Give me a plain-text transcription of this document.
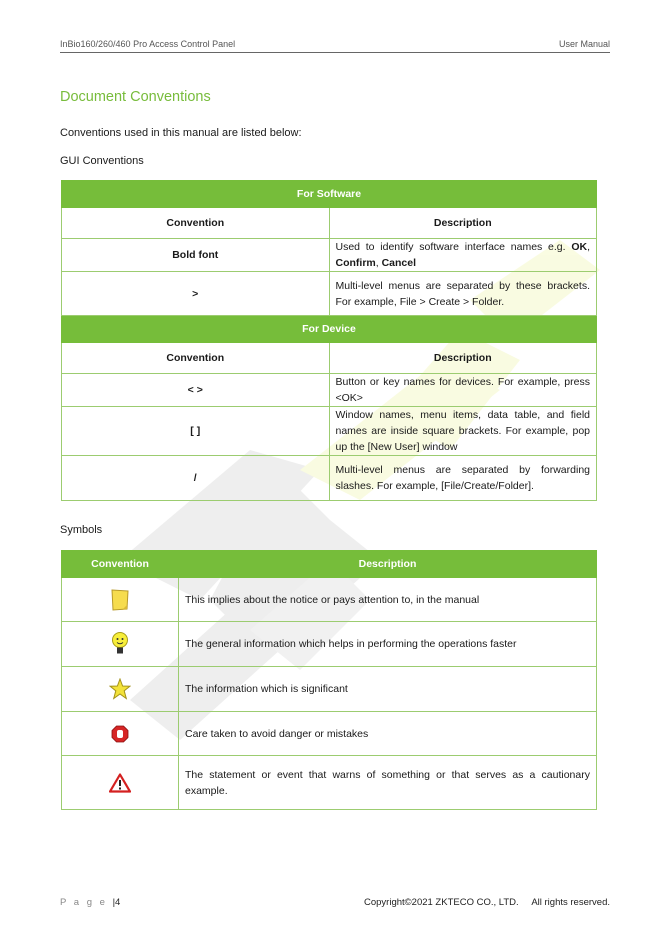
InBio160/260/460 Pro Access Control Panel	User Manual
Document Conventions
Conventions used in this manual are listed below:
GUI Conventions
For Software	
Convention	Description
Bold font	Used to identify software interface names e.g. OK, Confirm, Cancel
>	Multi-level menus are separated by these brackets. For example, File > Create > Folder.
For Device	
Convention	Description
< >	Button or key names for devices. For example, press <OK>
[ ]	Window names, menu items, data table, and field names are inside square brackets. For example, pop up the [New User] window
/	Multi-level menus are separated by forwarding slashes. For example, [File/Create/Folder].
Symbols
Convention	Description
	This implies about the notice or pays attention to, in the manual
	The general information which helps in performing the operations faster
	The information which is significant
	Care taken to avoid danger or mistakes
	The statement or event that warns of something or that serves as a cautionary example.
P a g e |4	Copyright©2021 ZKTECO CO., LTD.     All rights reserved.
